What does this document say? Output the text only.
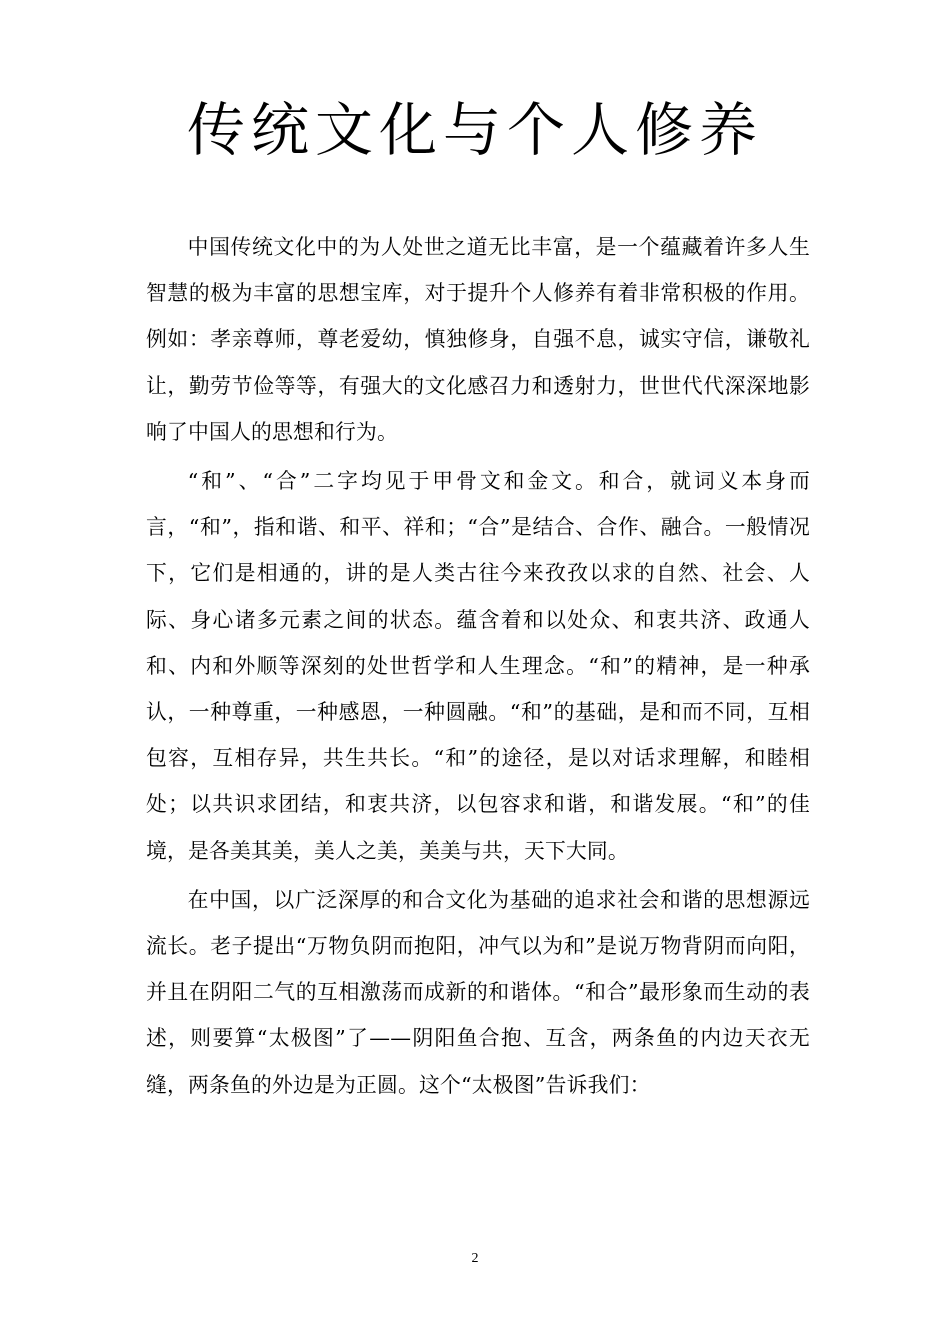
传统文化与个人修养

中国传统文化中的为人处世之道无比丰富，是一个蕴藏着许多人生智慧的极为丰富的思想宝库，对于提升个人修养有着非常积极的作用。例如：孝亲尊师，尊老爱幼，慎独修身，自强不息，诚实守信，谦敬礼让，勤劳节俭等等，有强大的文化感召力和透射力，世世代代深深地影响了中国人的思想和行为。

“和”、“合”二字均见于甲骨文和金文。和合，就词义本身而言，“和”，指和谐、和平、祥和；“合”是结合、合作、融合。一般情况下，它们是相通的，讲的是人类古往今来孜孜以求的自然、社会、人际、身心诸多元素之间的状态。蕴含着和以处众、和衷共济、政通人和、内和外顺等深刻的处世哲学和人生理念。“和”的精神，是一种承认，一种尊重，一种感恩，一种圆融。“和”的基础，是和而不同，互相包容，互相存异，共生共长。“和”的途径，是以对话求理解，和睦相处；以共识求团结，和衷共济，以包容求和谐，和谐发展。“和”的佳境，是各美其美，美人之美，美美与共，天下大同。

在中国，以广泛深厚的和合文化为基础的追求社会和谐的思想源远流长。老子提出“万物负阴而抱阳，冲气以为和”是说万物背阴而向阳，并且在阴阳二气的互相激荡而成新的和谐体。“和合”最形象而生动的表述，则要算“太极图”了——阴阳鱼合抱、互含，两条鱼的内边天衣无缝，两条鱼的外边是为正圆。这个“太极图”告诉我们：

2
